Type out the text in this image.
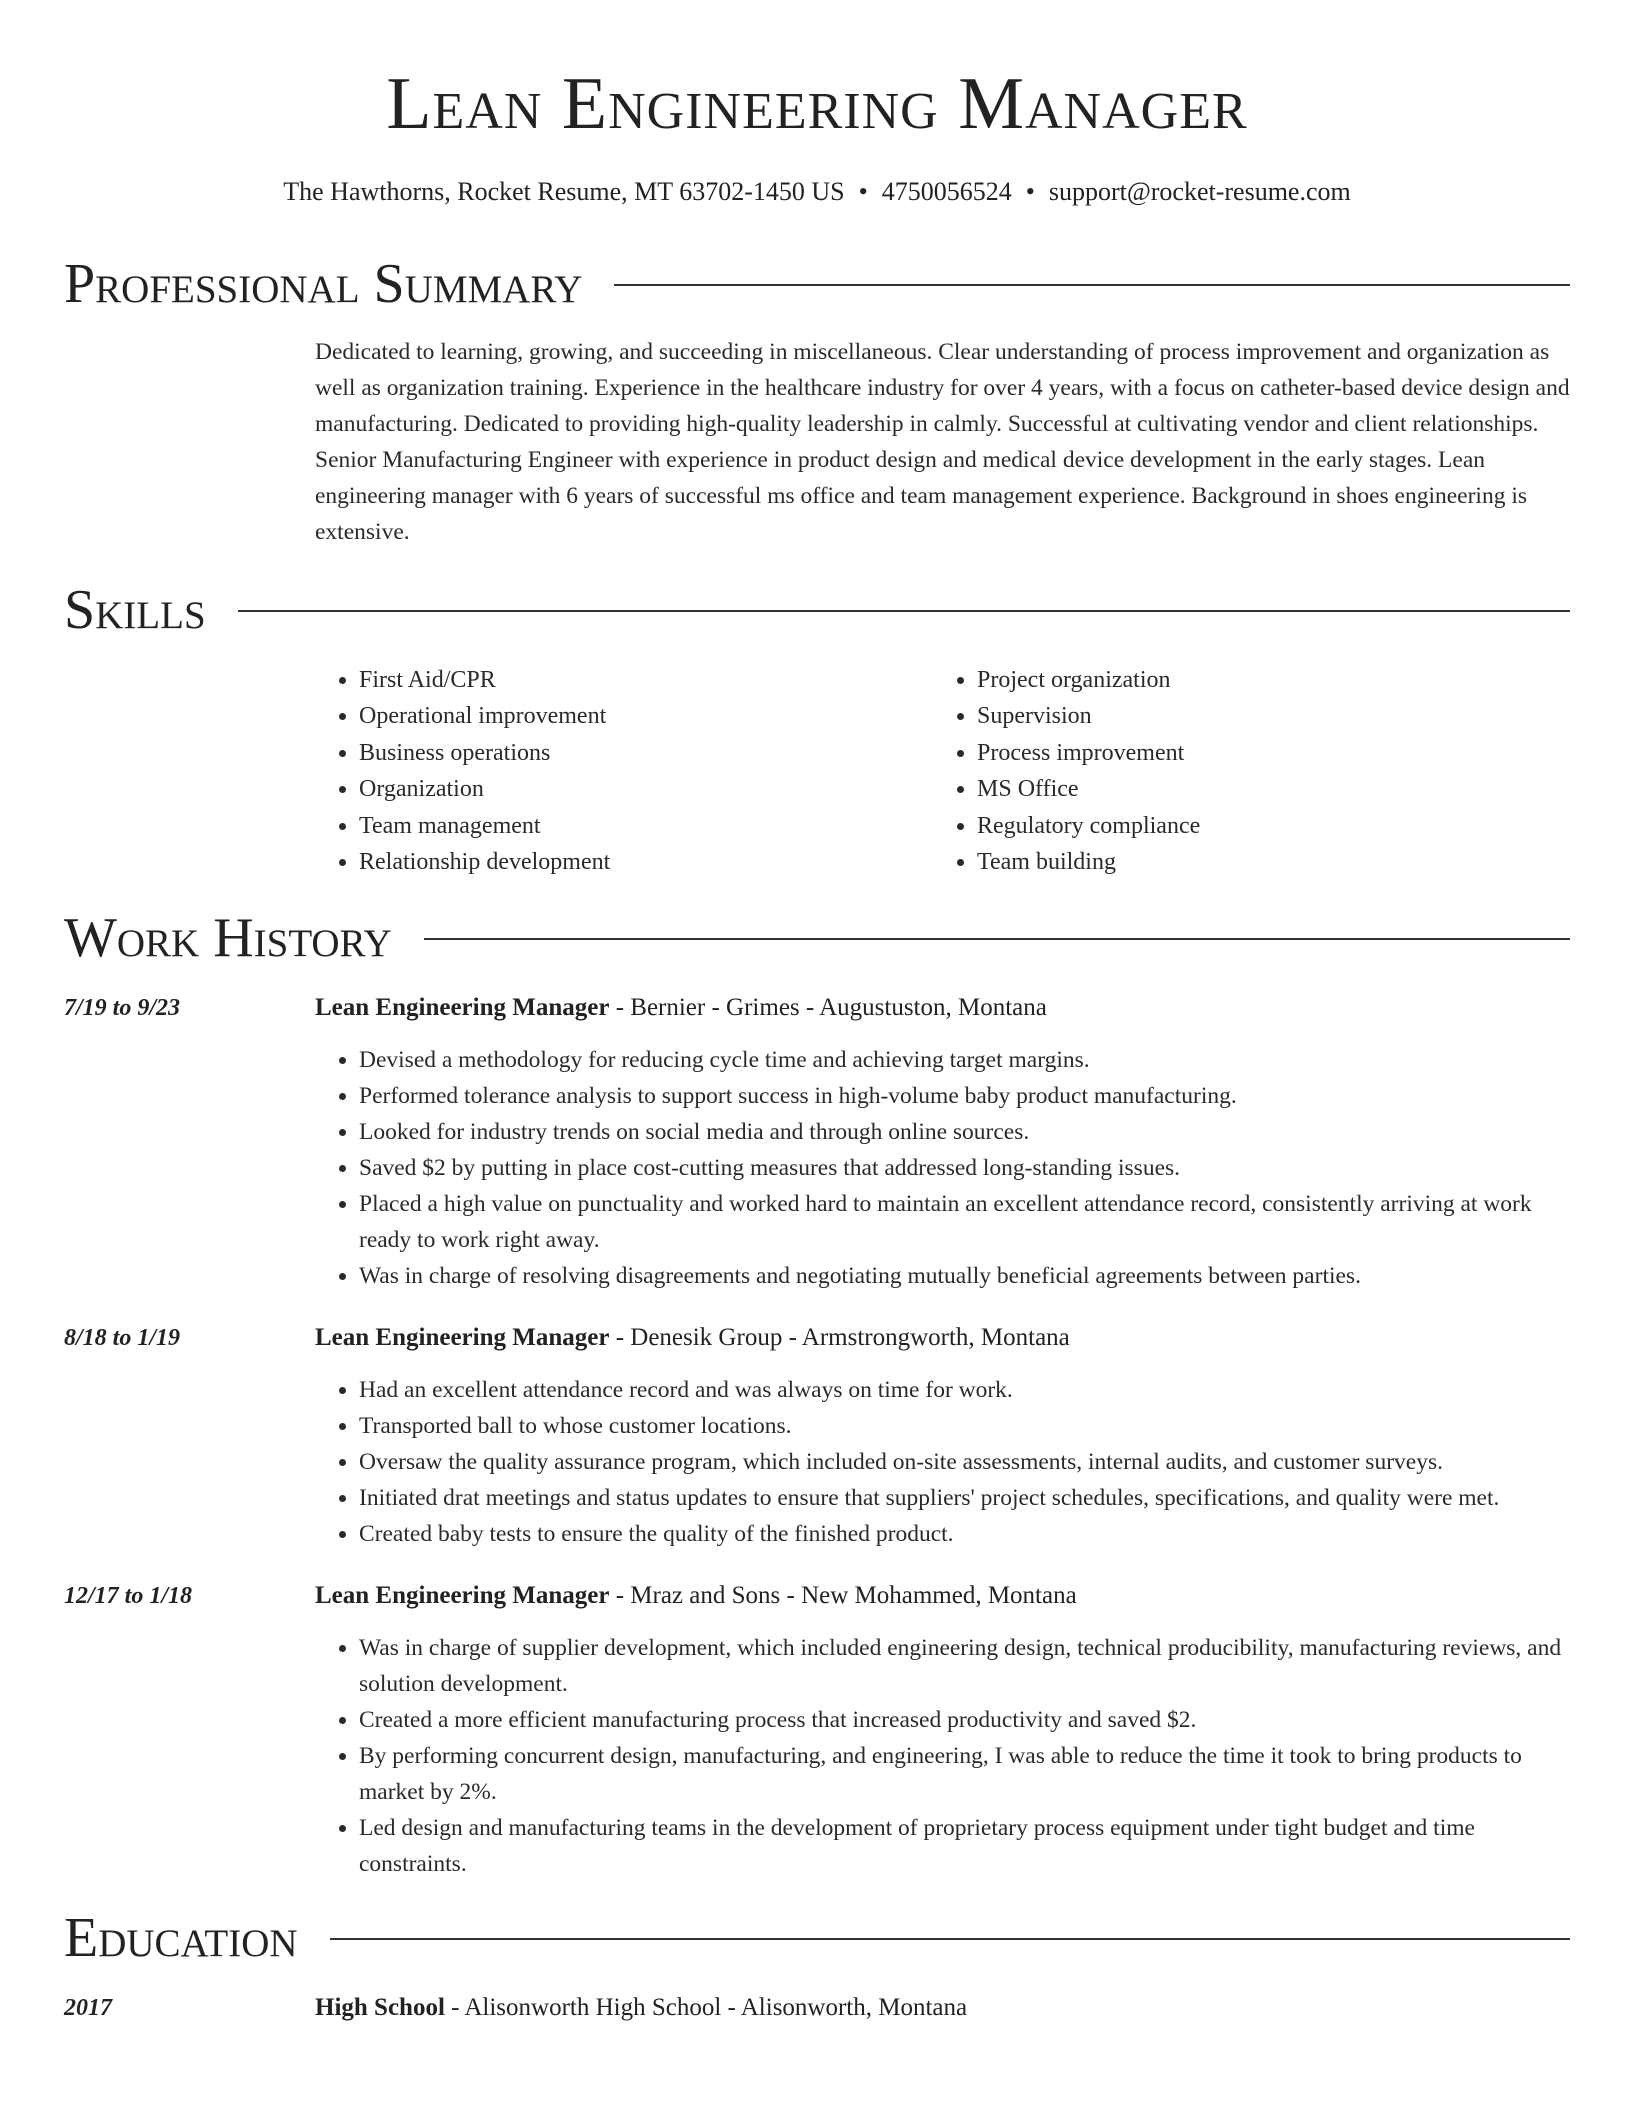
Lean Engineering Manager
The Hawthorns, Rocket Resume, MT 63702-1450 US • 4750056524 • support@rocket-resume.com
Professional Summary
Dedicated to learning, growing, and succeeding in miscellaneous. Clear understanding of process improvement and organization as well as organization training. Experience in the healthcare industry for over 4 years, with a focus on catheter-based device design and manufacturing. Dedicated to providing high-quality leadership in calmly. Successful at cultivating vendor and client relationships. Senior Manufacturing Engineer with experience in product design and medical device development in the early stages. Lean engineering manager with 6 years of successful ms office and team management experience. Background in shoes engineering is extensive.
Skills
• First Aid/CPR
• Operational improvement
• Business operations
• Organization
• Team management
• Relationship development
• Project organization
• Supervision
• Process improvement
• MS Office
• Regulatory compliance
• Team building
Work History
7/19 to 9/23	Lean Engineering Manager - Bernier - Grimes - Augustuston, Montana
• Devised a methodology for reducing cycle time and achieving target margins.
• Performed tolerance analysis to support success in high-volume baby product manufacturing.
• Looked for industry trends on social media and through online sources.
• Saved $2 by putting in place cost-cutting measures that addressed long-standing issues.
• Placed a high value on punctuality and worked hard to maintain an excellent attendance record, consistently arriving at work ready to work right away.
• Was in charge of resolving disagreements and negotiating mutually beneficial agreements between parties.
8/18 to 1/19	Lean Engineering Manager - Denesik Group - Armstrongworth, Montana
• Had an excellent attendance record and was always on time for work.
• Transported ball to whose customer locations.
• Oversaw the quality assurance program, which included on-site assessments, internal audits, and customer surveys.
• Initiated drat meetings and status updates to ensure that suppliers' project schedules, specifications, and quality were met.
• Created baby tests to ensure the quality of the finished product.
12/17 to 1/18	Lean Engineering Manager - Mraz and Sons - New Mohammed, Montana
• Was in charge of supplier development, which included engineering design, technical producibility, manufacturing reviews, and solution development.
• Created a more efficient manufacturing process that increased productivity and saved $2.
• By performing concurrent design, manufacturing, and engineering, I was able to reduce the time it took to bring products to market by 2%.
• Led design and manufacturing teams in the development of proprietary process equipment under tight budget and time constraints.
Education
2017	High School - Alisonworth High School - Alisonworth, Montana
